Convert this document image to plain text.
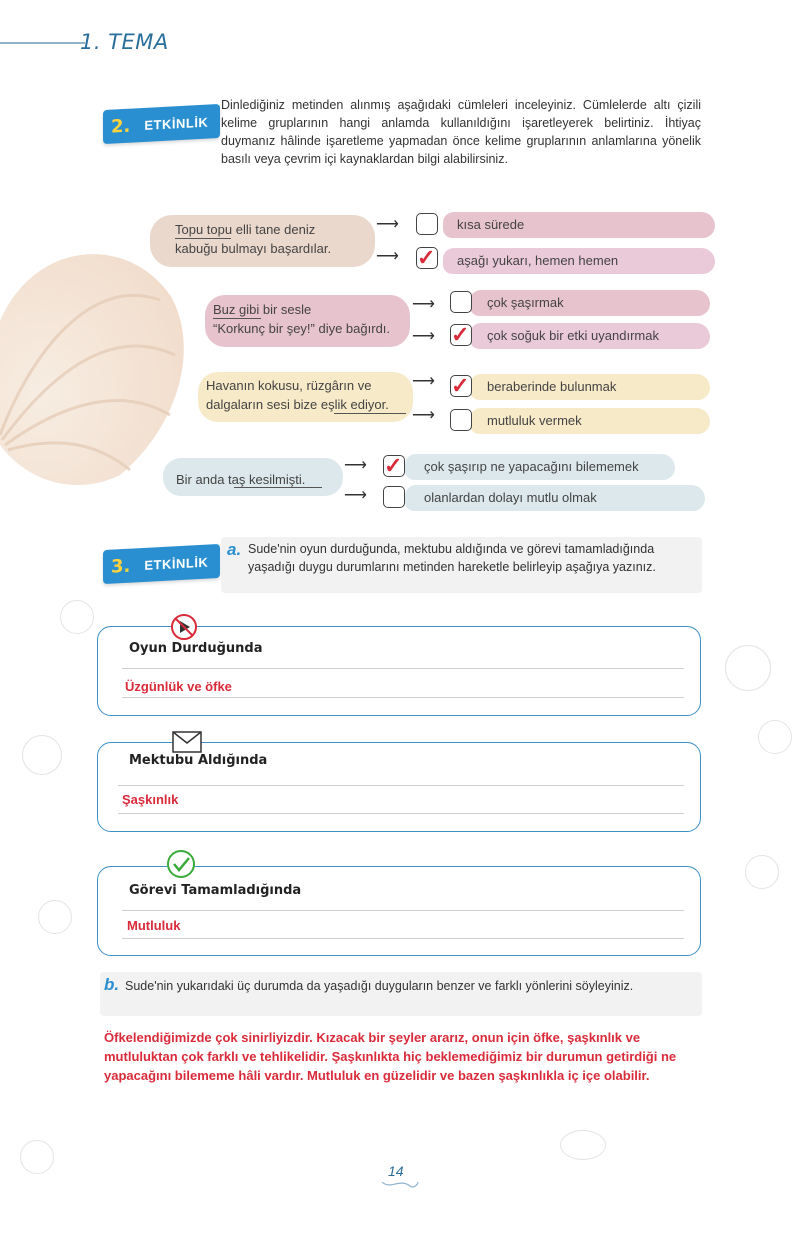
1. TEMA
2. ETKİNLİK
Dinlediğiniz metinden alınmış aşağıdaki cümleleri inceleyiniz. Cümlelerde altı çizili kelime gruplarının hangi anlamda kullanıldığını işaretleyerek belirtiniz. İhtiyaç duymanız hâlinde işaretleme yapmadan önce kelime gruplarının anlamlarına yönelik basılı veya çevrim içi kaynaklardan bilgi alabilirsiniz.
Topu topu elli tane deniz
kabuğu bulmayı başardılar.
⟶
⟶ ✓
kısa sürede
aşağı yukarı, hemen hemen
Buz gibi bir sesle
“Korkunç bir şey!” diye bağırdı.
⟶
⟶ ✓
çok şaşırmak
çok soğuk bir etki uyandırmak
Havanın kokusu, rüzgârın ve
dalgaların sesi bize eşlik ediyor.
⟶
⟶
✓ beraberinde bulunmak
mutluluk vermek
Bir anda taş kesilmişti.
⟶
⟶
✓ çok şaşırıp ne yapacağını bilememek
olanlardan dolayı mutlu olmak
3. ETKİNLİK
a. Sude'nin oyun durduğunda, mektubu aldığında ve görevi tamamladığında yaşadığı duygu durumlarını metinden hareketle belirleyip aşağıya yazınız.
Oyun Durduğunda
Üzgünlük ve öfke
Mektubu Aldığında
Şaşkınlık
Görevi Tamamladığında
Mutluluk
b. Sude'nin yukarıdaki üç durumda da yaşadığı duyguların benzer ve farklı yönlerini söyleyiniz.
Öfkelendiğimizde çok sinirliyizdir. Kızacak bir şeyler ararız, onun için öfke, şaşkınlık ve mutluluktan çok farklı ve tehlikelidir. Şaşkınlıkta hiç beklemediğimiz bir durumun getirdiği ne yapacağını bilememe hâli vardır. Mutluluk en güzelidir ve bazen şaşkınlıkla iç içe olabilir.
14
